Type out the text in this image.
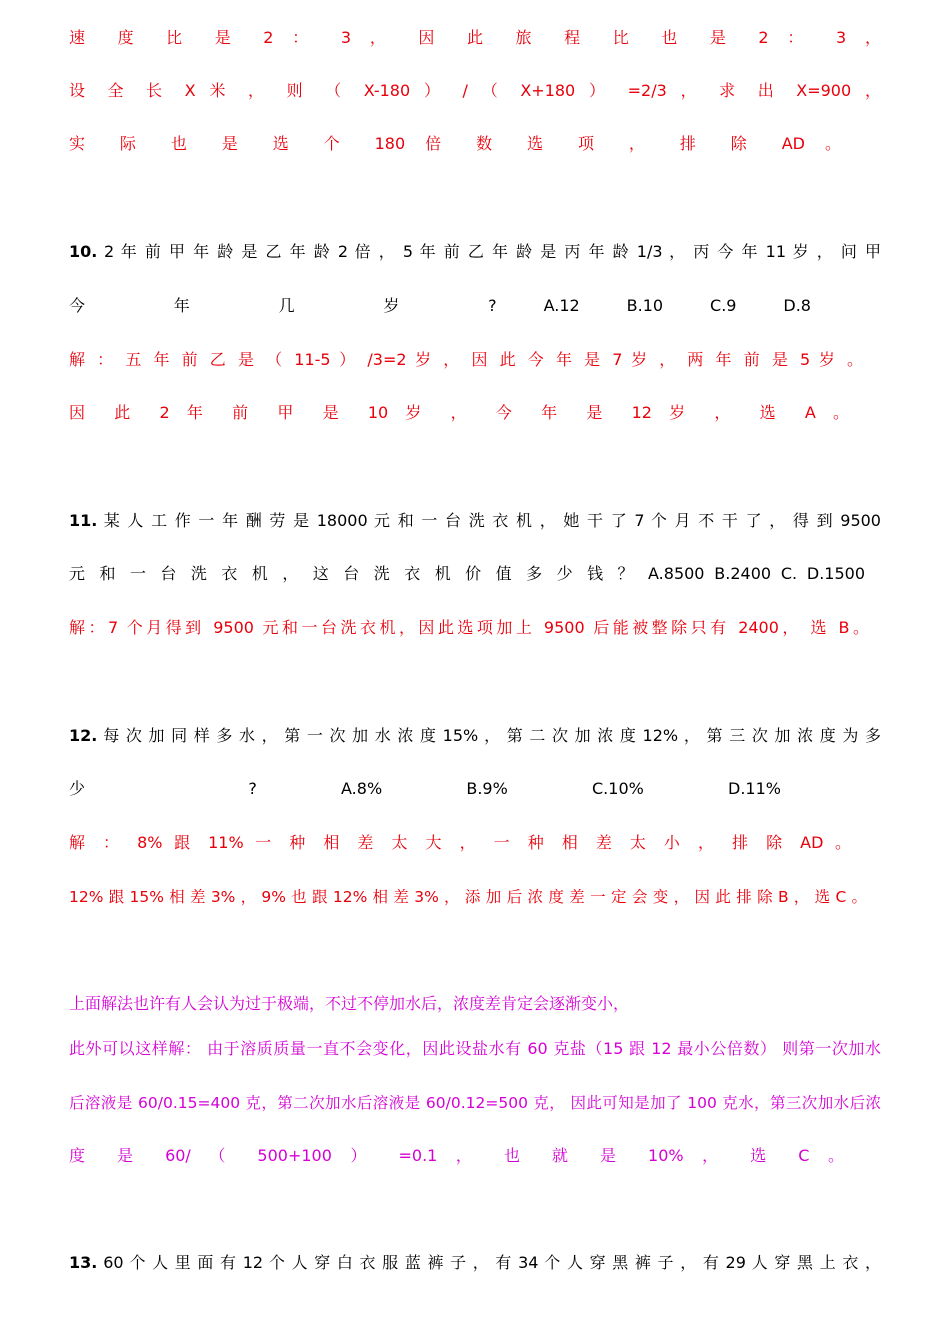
速 度 比 是 2 ： 3 ， 因 此 旅 程 比 也 是 2 ： 3 ，
设 全 长 X 米 ， 则 （ X-180 ） / （ X+180 ） =2/3 ， 求 出 X=900 ，
实 际 也 是 选 个 180 倍 数 选 项 ， 排 除 AD 。
10. 2 年 前 甲 年 龄 是 乙 年 龄 2 倍 ， 5 年 前 乙 年 龄 是 丙 年 龄 1/3 ， 丙 今 年 11 岁 ， 问 甲
今 年 几 岁 ? A.12 B.10 C.9 D.8
解 ： 五 年 前 乙 是 （ 11-5 ） /3=2 岁 ， 因 此 今 年 是 7 岁 ， 两 年 前 是 5 岁 。
因 此 2 年 前 甲 是 10 岁 ， 今 年 是 12 岁 ， 选 A 。
11. 某 人 工 作 一 年 酬 劳 是 18000 元 和 一 台 洗 衣 机 ， 她 干 了 7 个 月 不 干 了 ， 得 到 9500
元 和 一 台 洗 衣 机 ， 这 台 洗 衣 机 价 值 多 少 钱 ？ A.8500 B.2400 C. D.1500
解：7 个月得到 9500 元和一台洗衣机，因此选项加上 9500 后能被整除只有 2400， 选 B。
12. 每 次 加 同 样 多 水 ， 第 一 次 加 水 浓 度 15% ， 第 二 次 加 浓 度 12% ， 第 三 次 加 浓 度 为 多
少 ? A.8% B.9% C.10% D.11%
解 ： 8% 跟 11% 一 种 相 差 太 大 ， 一 种 相 差 太 小 ， 排 除 AD 。
12% 跟 15% 相 差 3% ， 9% 也 跟 12% 相 差 3% ， 添 加 后 浓 度 差 一 定 会 变 ， 因 此 排 除 B ， 选 C 。
上面解法也许有人会认为过于极端，不过不停加水后，浓度差肯定会逐渐变小，
此外可以这样解： 由于溶质质量一直不会变化，因此设盐水有 60 克盐（15 跟 12 最小公倍数） 则第一次加水
后溶液是 60/0.15=400 克，第二次加水后溶液是 60/0.12=500 克， 因此可知是加了 100 克水，第三次加水后浓
度 是 60/ （ 500+100 ） =0.1 ， 也 就 是 10% ， 选 C 。
13. 60 个 人 里 面 有 12 个 人 穿 白 衣 服 蓝 裤 子 ， 有 34 个 人 穿 黑 裤 子 ， 有 29 人 穿 黑 上 衣 ，
